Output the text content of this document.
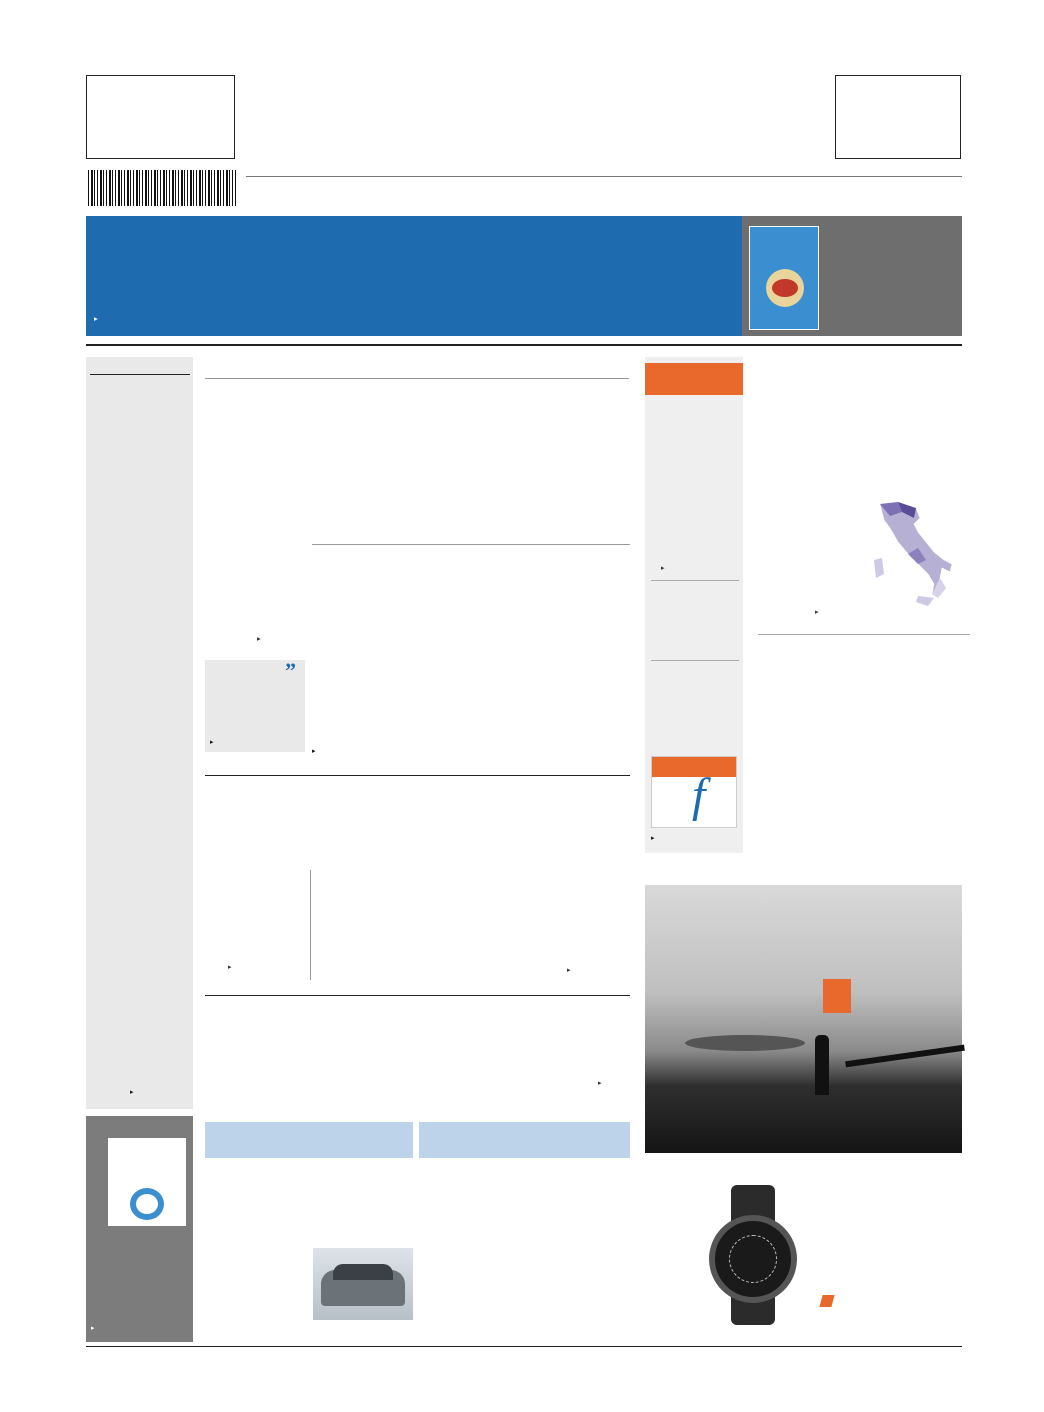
▸
▸
▸
”
▸
▸
▸
f
▸
▸
▸	▸
▸
▸
